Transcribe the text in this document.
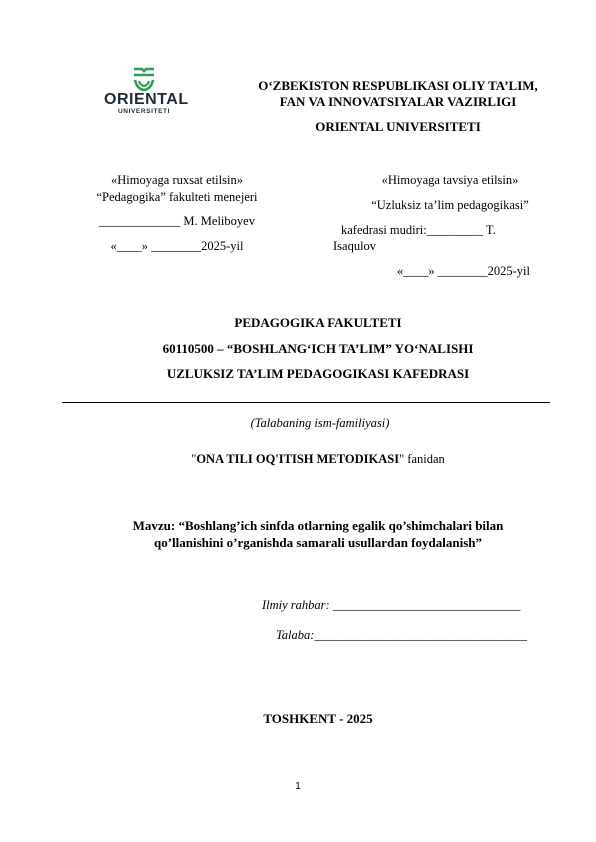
ORIENTAL
UNIVERSITETI
O‘ZBEKISTON RESPUBLIKASI OLIY TA’LIM,
FAN VA INNOVATSIYALAR VAZIRLIGI
ORIENTAL UNIVERSITETI
«Himoyaga ruxsat etilsin»
“Pedagogika” fakulteti menejeri
_____________ M. Meliboyev
«____» ________2025-yil
«Himoyaga tavsiya etilsin»
“Uzluksiz ta’lim pedagogikasi”
kafedrasi mudiri:_________ T.
Isaqulov
«____» ________2025-yil
PEDAGOGIKA FAKULTETI
60110500 – “BOSHLANG‘ICH TA’LIM” YO‘NALISHI
UZLUKSIZ TA’LIM PEDAGOGIKASI KAFEDRASI
(Talabaning ism-familiyasi)
"ONA TILI OQ'ITISH METODIKASI" fanidan
Mavzu: “Boshlang’ich sinfda otlarning egalik qo’shimchalari bilan
qo’llanishini o’rganishda samarali usullardan foydalanish”
Ilmiy rahbar: ______________________________
Talaba:__________________________________
TOSHKENT - 2025
1
